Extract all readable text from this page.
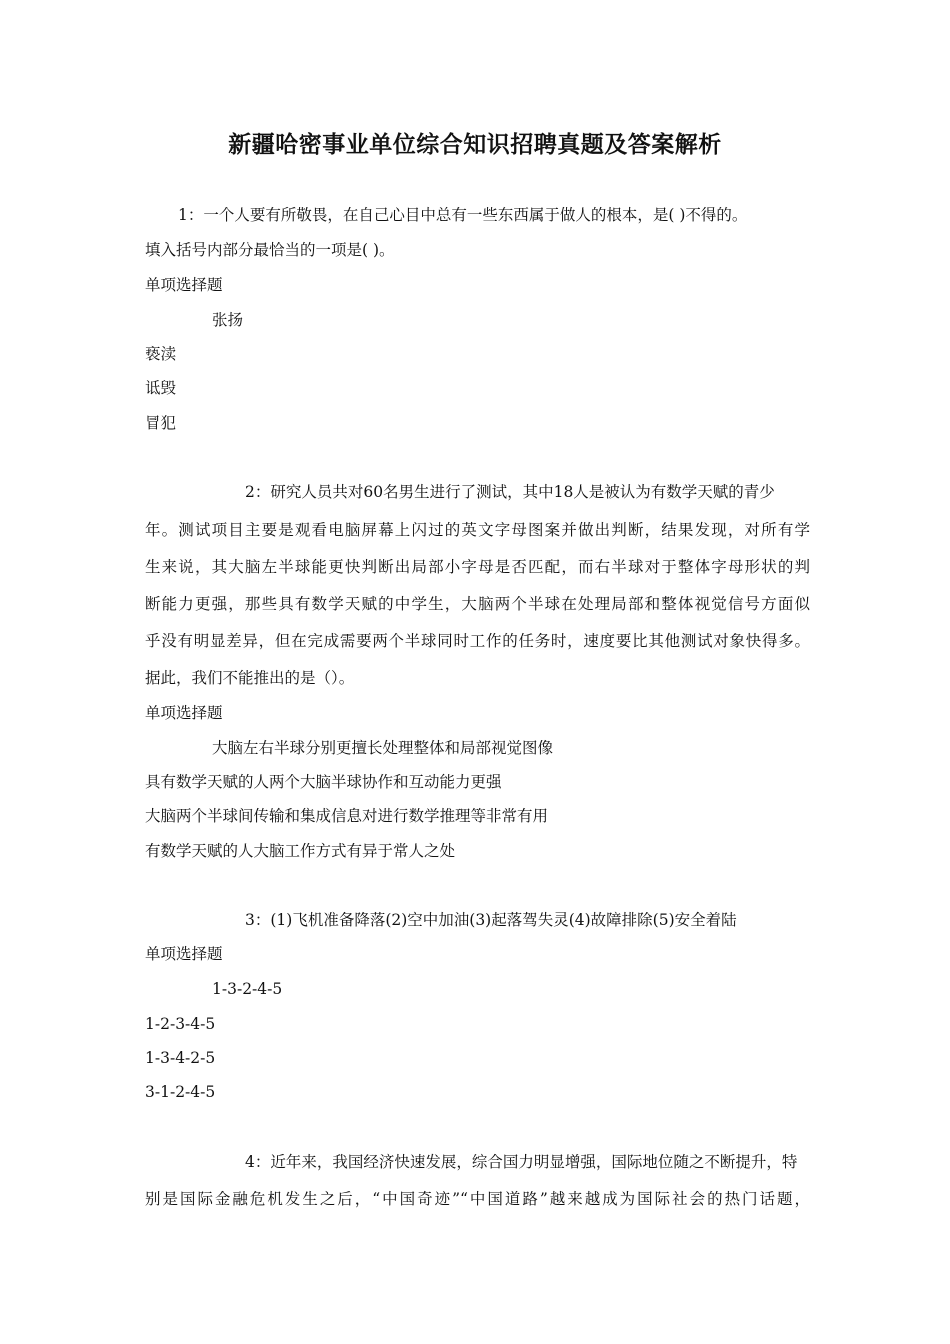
新疆哈密事业单位综合知识招聘真题及答案解析
1：一个人要有所敬畏，在自己心目中总有一些东西属于做人的根本，是( )不得的。
填入括号内部分最恰当的一项是( )。
单项选择题
张扬
亵渎
诋毁
冒犯
2：研究人员共对60名男生进行了测试，其中18人是被认为有数学天赋的青少
年。测试项目主要是观看电脑屏幕上闪过的英文字母图案并做出判断，结果发现，对所有学
生来说，其大脑左半球能更快判断出局部小字母是否匹配，而右半球对于整体字母形状的判
断能力更强，那些具有数学天赋的中学生，大脑两个半球在处理局部和整体视觉信号方面似
乎没有明显差异，但在完成需要两个半球同时工作的任务时，速度要比其他测试对象快得多。
据此，我们不能推出的是（）。
单项选择题
大脑左右半球分别更擅长处理整体和局部视觉图像
具有数学天赋的人两个大脑半球协作和互动能力更强
大脑两个半球间传输和集成信息对进行数学推理等非常有用
有数学天赋的人大脑工作方式有异于常人之处
3：(1)飞机准备降落(2)空中加油(3)起落驾失灵(4)故障排除(5)安全着陆
单项选择题
1-3-2-4-5
1-2-3-4-5
1-3-4-2-5
3-1-2-4-5
4：近年来，我国经济快速发展，综合国力明显增强，国际地位随之不断提升，特
别是国际金融危机发生之后，“中国奇迹”“中国道路”越来越成为国际社会的热门话题，
